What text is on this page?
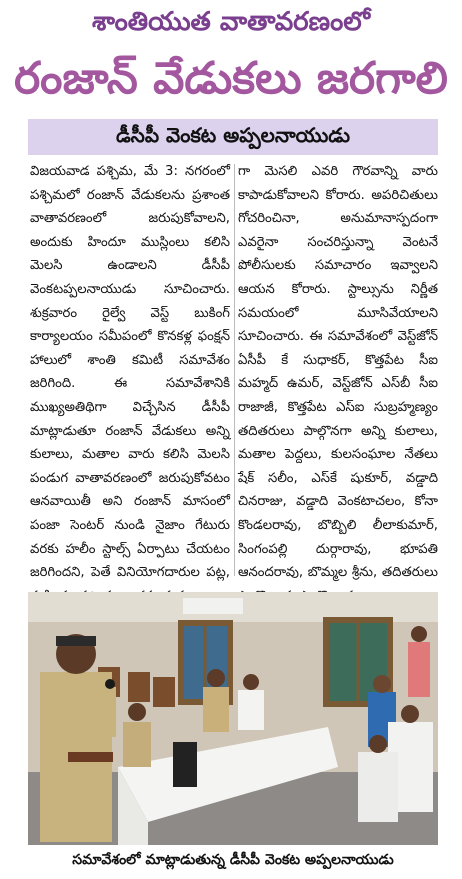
శాంతియుత వాతావరణంలో
రంజాన్ వేడుకలు జరగాలి
డీసీపీ వెంకట అప్పలనాయుడు
విజయవాడ పశ్చిమ, మే 3: నగరంలో పశ్చిమలో రంజాన్ వేడుకలను ప్రశాంత వాతావరణంలో జరుపుకోవాలని, అందుకు హిందూ ముస్లింలు కలిసి మెలసి ఉండాలని డీసీపీ వెంకటప్పలనాయుడు సూచించారు. శుక్రవారం రైల్వే వెస్ట్ బుకింగ్ కార్యాలయం సమీపంలో కొనకళ్ల ఫంక్షన్ హాలులో శాంతి కమిటీ సమావేశం జరిగింది. ఈ సమావేశానికి ముఖ్యఅతిథిగా విచ్చేసిన డీసీపీ మాట్లాడుతూ రంజాన్ వేడుకలు అన్ని కులాలు, మతాల వారు కలిసి మెలసి పండుగ వాతావరణంలో జరుపుకోవటం ఆనవాయితీ అని రంజాన్ మాసంలో పంజా సెంటర్ నుండి నైజాం గేటురు వరకు హలీం స్టాల్స్ ఏర్పాటు చేయటం జరిగిందని, పెతే వినియోగదారుల పట్ల,
గా మెసలి ఎవరి గౌరవాన్ని వారు కాపాడుకోవాలని కోరారు. అపరిచితులు గోచరించినా, అనుమానాస్పదంగా ఎవరైనా సంచరిస్తున్నా వెంటనే పోలీసులకు సమాచారం ఇవ్వాలని ఆయన కోరారు. స్టాల్సును నిర్ణీత సమయంలో మూసివేయాలని సూచించారు. ఈ సమావేశంలో వెస్ట్‌జోన్ ఏసీపీ కే సుధాకర్, కొత్తపేట సీఐ మహ్మద్ ఉమర్, వెస్ట్‌జోన్ ఎస్‌బీ సీఐ రాజాజీ, కొత్తపేట ఎస్ఐ సుబ్రహ్మణ్యం తదితరులు పాల్గొనగా అన్ని కులాలు, మతాల పెద్దలు, కులసంఘాల నేతలు షేక్ సలీం, ఎస్‌కే షుకూర్, వడ్డాది చినరాజు, వడ్డాది వెంకటాచలం, కోనా కొండలరావు, బొబ్బిలి లీలాకుమార్, సింగంపల్లి దుర్గారావు, భూపతి ఆనందరావు, బొమ్మల శ్రీను, తదితరులు
సమావేశంలో మాట్లాడుతున్న డీసీపీ వెంకట అప్పలనాయుడు
